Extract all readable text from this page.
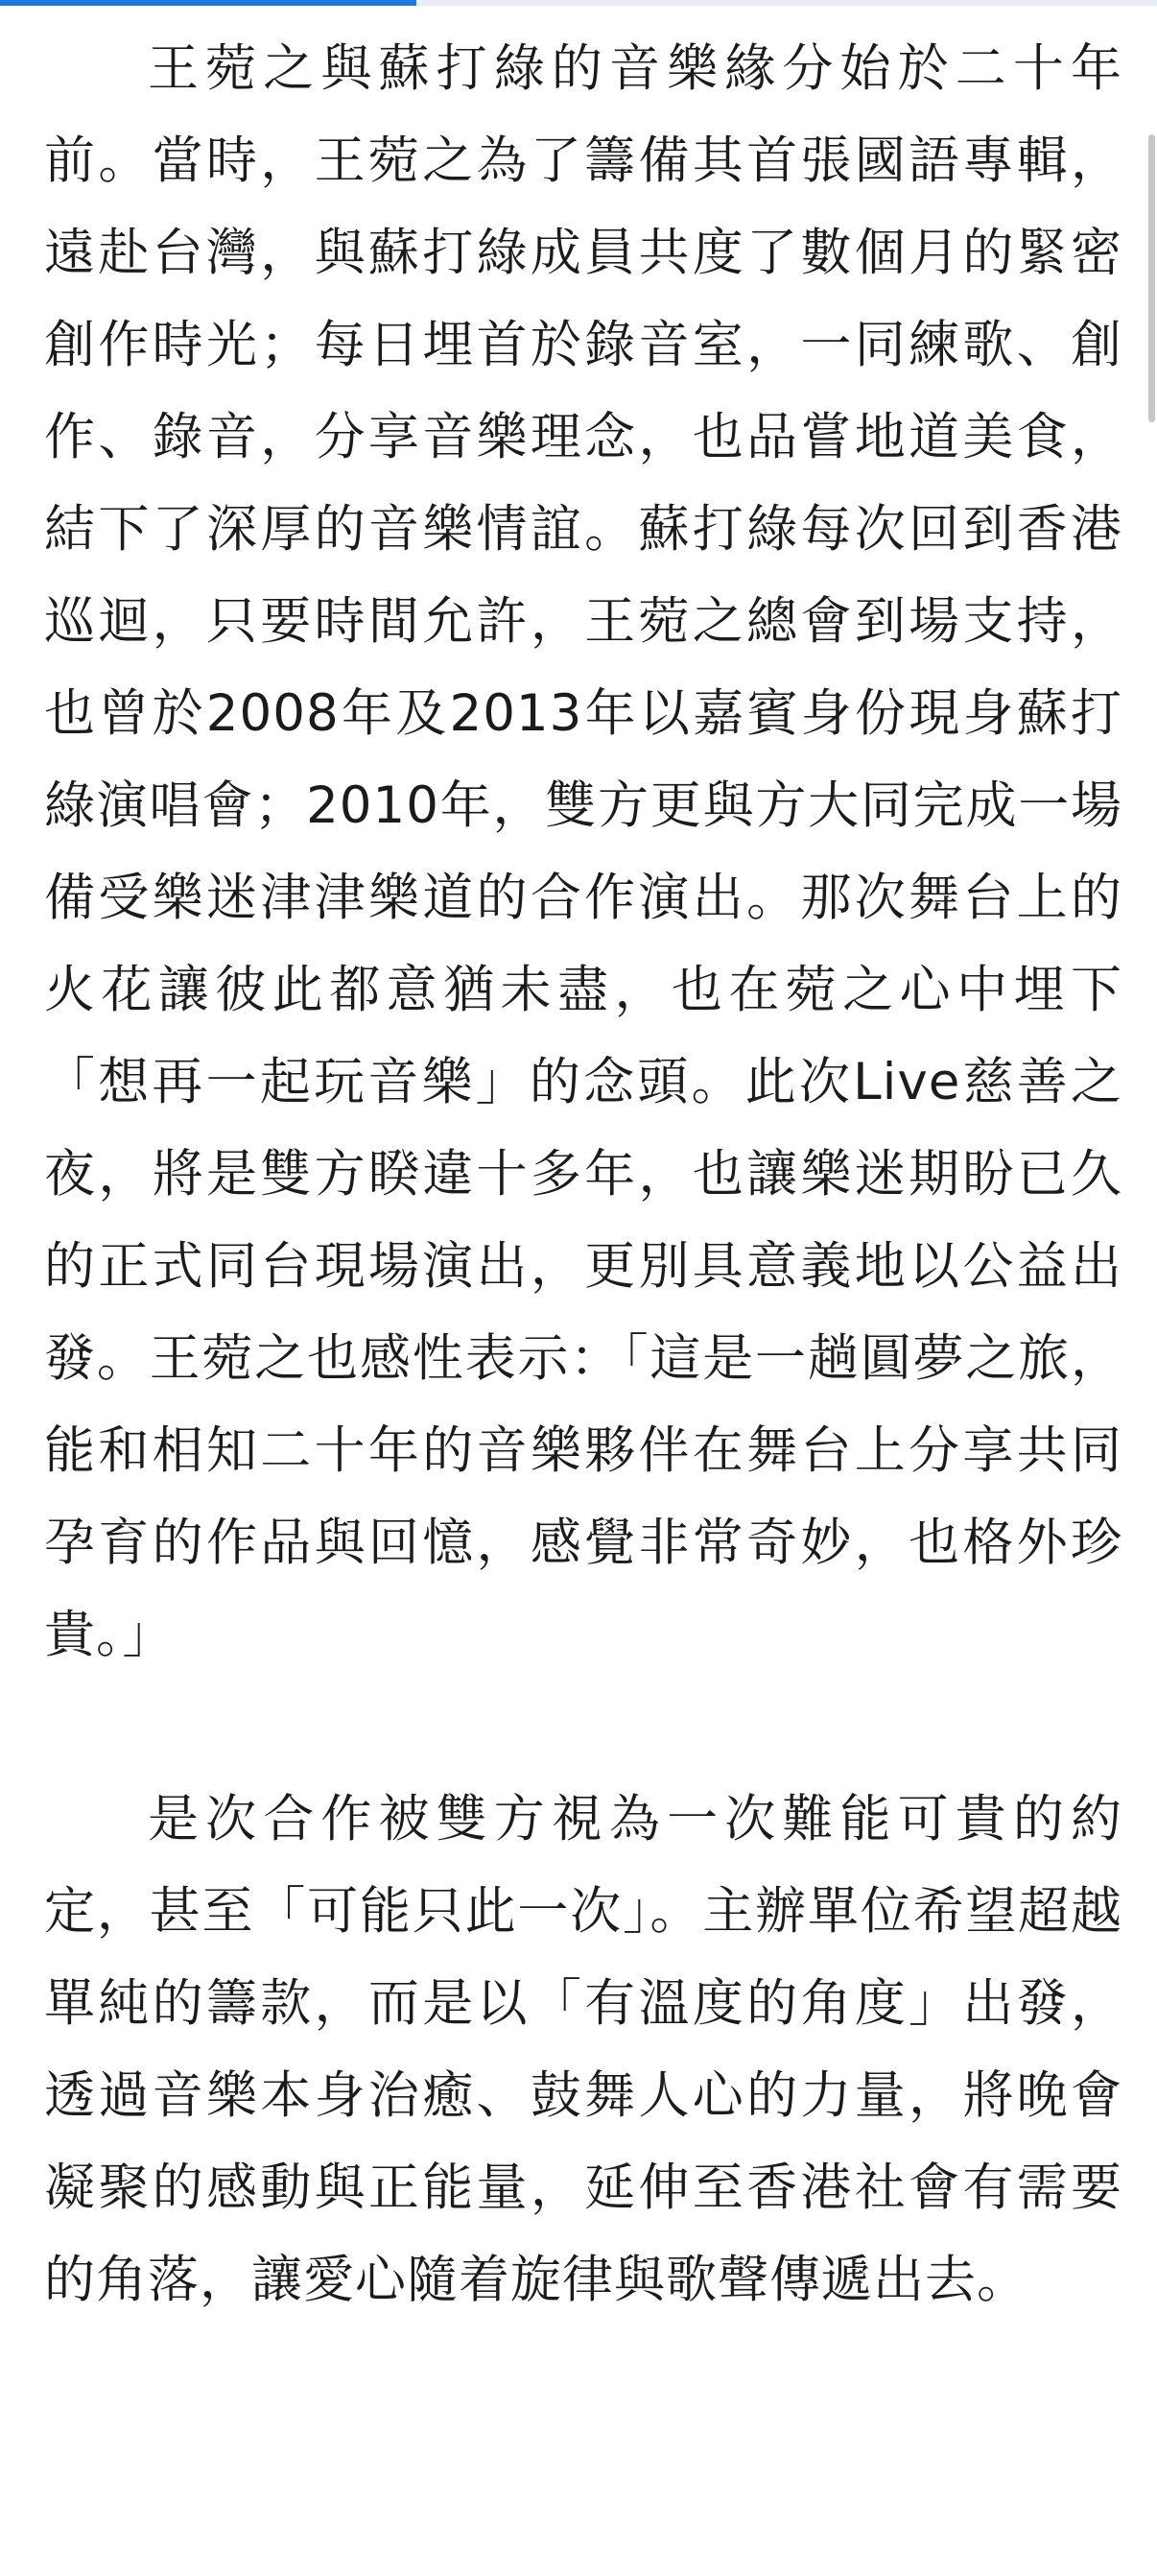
王菀之與蘇打綠的音樂緣分始於二十年前。當時，王菀之為了籌備其首張國語專輯，遠赴台灣，與蘇打綠成員共度了數個月的緊密創作時光；每日埋首於錄音室，一同練歌、創作、錄音，分享音樂理念，也品嘗地道美食，結下了深厚的音樂情誼。蘇打綠每次回到香港巡迴，只要時間允許，王菀之總會到場支持，也曾於2008年及2013年以嘉賓身份現身蘇打綠演唱會；2010年，雙方更與方大同完成一場備受樂迷津津樂道的合作演出。那次舞台上的火花讓彼此都意猶未盡，也在菀之心中埋下「想再一起玩音樂」的念頭。此次Live慈善之夜，將是雙方睽違十多年，也讓樂迷期盼已久的正式同台現場演出，更別具意義地以公益出發。王菀之也感性表示：「這是一趟圓夢之旅，能和相知二十年的音樂夥伴在舞台上分享共同孕育的作品與回憶，感覺非常奇妙，也格外珍貴。」

是次合作被雙方視為一次難能可貴的約定，甚至「可能只此一次」。主辦單位希望超越單純的籌款，而是以「有溫度的角度」出發，透過音樂本身治癒、鼓舞人心的力量，將晚會凝聚的感動與正能量，延伸至香港社會有需要的角落，讓愛心隨着旋律與歌聲傳遞出去。
